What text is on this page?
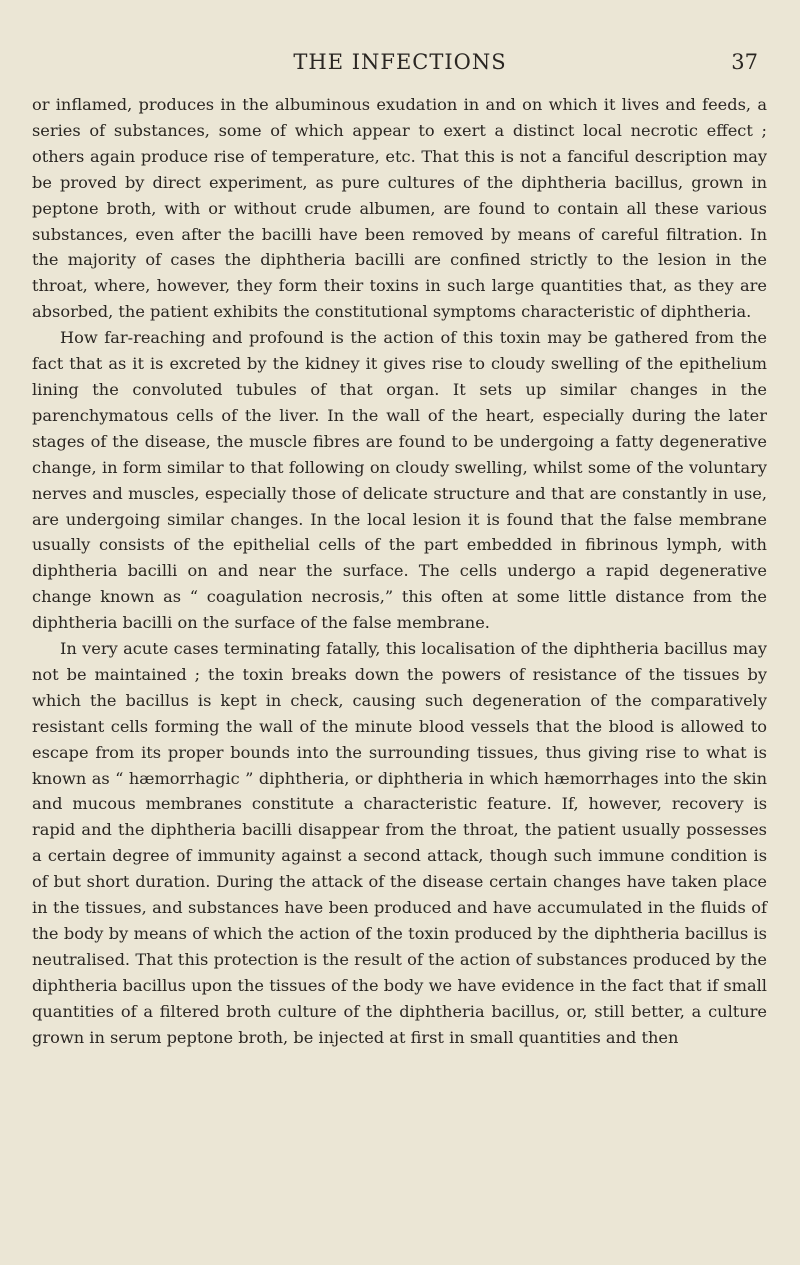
THE INFECTIONS	37

or inflamed, produces in the albuminous exudation in and on which it lives and feeds, a series of substances, some of which appear to exert a distinct local necrotic effect ; others again produce rise of temperature, etc. That this is not a fanciful description may be proved by direct experiment, as pure cultures of the diphtheria bacillus, grown in peptone broth, with or without crude albumen, are found to contain all these various substances, even after the bacilli have been removed by means of careful filtration. In the majority of cases the diphtheria bacilli are confined strictly to the lesion in the throat, where, however, they form their toxins in such large quantities that, as they are absorbed, the patient exhibits the constitutional symptoms characteristic of diphtheria.

How far-reaching and profound is the action of this toxin may be gathered from the fact that as it is excreted by the kidney it gives rise to cloudy swelling of the epithelium lining the convoluted tubules of that organ. It sets up similar changes in the parenchymatous cells of the liver. In the wall of the heart, especially during the later stages of the disease, the muscle fibres are found to be undergoing a fatty degenerative change, in form similar to that following on cloudy swelling, whilst some of the voluntary nerves and muscles, especially those of delicate structure and that are constantly in use, are undergoing similar changes. In the local lesion it is found that the false membrane usually consists of the epithelial cells of the part embedded in fibrinous lymph, with diphtheria bacilli on and near the surface. The cells undergo a rapid degenerative change known as “ coagulation necrosis,” this often at some little distance from the diphtheria bacilli on the surface of the false membrane.

In very acute cases terminating fatally, this localisation of the diphtheria bacillus may not be maintained ; the toxin breaks down the powers of resistance of the tissues by which the bacillus is kept in check, causing such degeneration of the comparatively resistant cells forming the wall of the minute blood vessels that the blood is allowed to escape from its proper bounds into the surrounding tissues, thus giving rise to what is known as “ hæmorrhagic ” diphtheria, or diphtheria in which hæmorrhages into the skin and mucous membranes constitute a characteristic feature. If, however, recovery is rapid and the diphtheria bacilli disappear from the throat, the patient usually possesses a certain degree of immunity against a second attack, though such immune condition is of but short duration. During the attack of the disease certain changes have taken place in the tissues, and substances have been produced and have accumulated in the fluids of the body by means of which the action of the toxin produced by the diphtheria bacillus is neutralised. That this protection is the result of the action of substances produced by the diphtheria bacillus upon the tissues of the body we have evidence in the fact that if small quantities of a filtered broth culture of the diphtheria bacillus, or, still better, a culture grown in serum peptone broth, be injected at first in small quantities and then
